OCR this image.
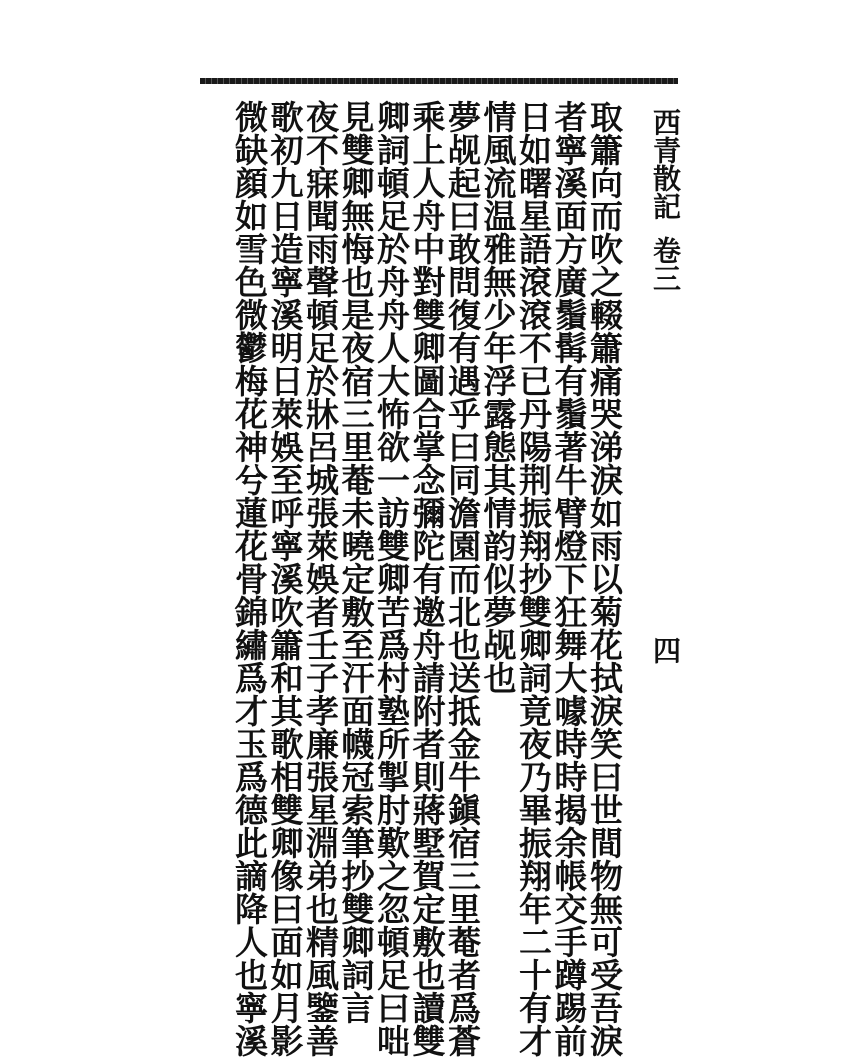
西青散記
卷三
四
取簫向而吹之輟簫痛哭涕淚如雨以菊花拭淚笑曰世間物無可受吾淚
者寧溪面方廣鬚髯有鬚著牛臂燈下狂舞大噱時時揭余帳交手蹲踢前
日如曙星語滾滾不已丹陽荆振翔抄雙卿詞竟夜乃畢振翔年二十有才
情風流温雅無少年浮露態其情韵似夢觇也
夢觇起曰敢問復有遇乎曰同澹園而北也送抵金牛鎭宿三里菴者爲蒼
乘上人舟中對雙卿圖合掌念彌陀有邀舟請附者則蔣墅賀定敷也讀雙
卿詞頓足於舟舟人大怖欲一訪雙卿苦爲村塾所掣肘歎之忽頓足曰咄
見雙卿無悔也是夜宿三里菴未曉定敷至汗面幭冠索筆抄雙卿詞言
夜不寐聞雨聲頓足於牀呂城張萊娛者壬子孝廉張星淵弟也精風鑒善
歌初九日造寧溪明日萊娛至呼寧溪吹簫和其歌相雙卿像曰面如月影
微缺顔如雪色微鬱梅花神兮蓮花骨錦繡爲才玉爲德此謫降人也寧溪
